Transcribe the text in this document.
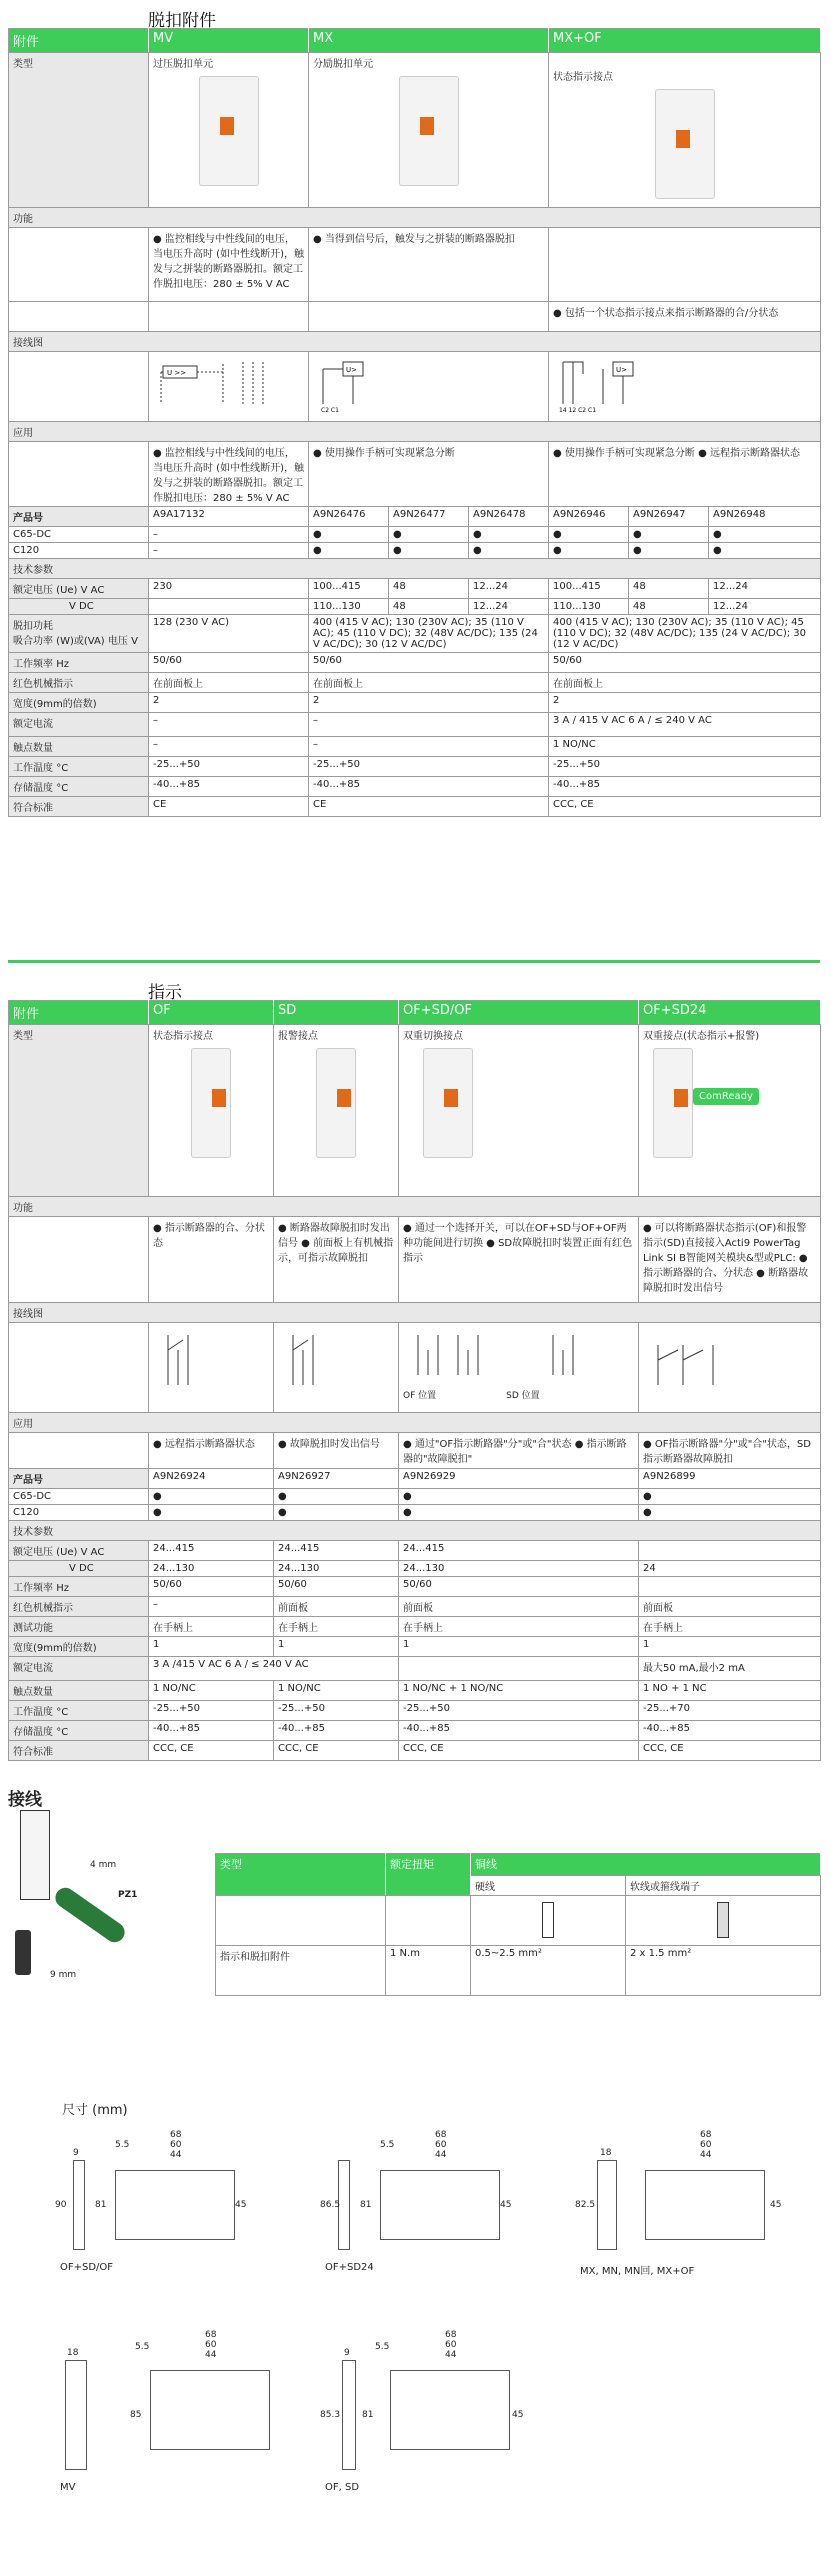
脱扣附件
附件	MV	MX			MX+OF		
类型	过压脱扣单元	分励脱扣单元			状态指示接点		

功能							
	● 监控相线与中性线间的电压，当电压升高时 (如中性线断开)，触发与之拼装的断路器脱扣。额定工作脱扣电压：280 ± 5% V AC	● 当得到信号后，触发与之拼装的断路器脱扣					
					● 包括一个状态指示接点来指示断路器的合/分状态		
接线图							

U >>	U>
C2 C1			U>
14 12 C2 C1		

应用							
	● 监控相线与中性线间的电压，当电压升高时 (如中性线断开)，触发与之拼装的断路器脱扣。额定工作脱扣电压：280 ± 5% V AC	● 使用操作手柄可实现紧急分断			● 使用操作手柄可实现紧急分断 ● 远程指示断路器状态		
产品号	A9A17132	A9N26476	A9N26477	A9N26478	A9N26946	A9N26947	A9N26948
C65-DC	–	●	●	●	●	●	●
C120	–	●	●	●	●	●	●
技术参数							
额定电压 (Ue) V AC	230	100...415	48	12...24	100...415	48	12...24
V DC		110...130	48	12...24	110...130	48	12...24
脱扣功耗
吸合功率 (W)或(VA) 电压 V	128 (230 V AC)	400 (415 V AC); 130 (230V AC); 35 (110 V AC); 45 (110 V DC); 32 (48V AC/DC); 135 (24 V AC/DC); 30 (12 V AC/DC)			400 (415 V AC); 130 (230V AC); 35 (110 V AC); 45 (110 V DC); 32 (48V AC/DC); 135 (24 V AC/DC); 30 (12 V AC/DC)		
工作频率 Hz	50/60	50/60			50/60		
红色机械指示	在前面板上	在前面板上			在前面板上		
宽度(9mm的倍数)	2	2			2		
额定电流	–	–			3 A / 415 V AC 6 A / ≤ 240 V AC		
触点数量	–	–			1 NO/NC		
工作温度 °C	-25...+50	-25...+50			-25...+50		
存储温度 °C	-40...+85	-40...+85			-40...+85		
符合标准	CE	CE			CCC, CE		
指示
附件	OF	SD	OF+SD/OF	OF+SD24
类型	状态指示接点	报警接点	双重切换接点	双重接点(状态指示+报警)
ComReady

功能				
	● 指示断路器的合、分状态	● 断路器故障脱扣时发出信号 ● 前面板上有机械指示，可指示故障脱扣	● 通过一个选择开关，可以在OF+SD与OF+OF两种功能间进行切换 ● SD故障脱扣时装置正面有红色指示	● 可以将断路器状态指示(OF)和报警指示(SD)直接接入Acti9 PowerTag Link SI B智能网关模块&型或PLC: ● 指示断路器的合、分状态 ● 断路器故障脱扣时发出信号
接线图				

OF 位置 SD 位置

应用				
	● 远程指示断路器状态	● 故障脱扣时发出信号	● 通过"OF指示断路器"分"或"合"状态 ● 指示断路器的"故障脱扣"	● OF指示断路器"分"或"合"状态，SD指示断路器故障脱扣
产品号	A9N26924	A9N26927	A9N26929	A9N26899
C65-DC	●	●	●	●
C120	●	●	●	●
技术参数				
额定电压 (Ue) V AC	24...415	24...415	24...415	
V DC	24...130	24...130	24...130	24
工作频率 Hz	50/60	50/60	50/60	
红色机械指示	–	前面板	前面板	前面板
测试功能	在手柄上	在手柄上	在手柄上	在手柄上
宽度(9mm的倍数)	1	1	1	1
额定电流	3 A /415 V AC 6 A / ≤ 240 V AC			最大50 mA,最小2 mA
触点数量	1 NO/NC	1 NO/NC	1 NO/NC + 1 NO/NC	1 NO + 1 NC
工作温度 °C	-25...+50	-25...+50	-25...+50	-25...+70
存储温度 °C	-40...+85	-40...+85	-40...+85	-40...+85
符合标准	CCC, CE	CCC, CE	CCC, CE	CCC, CE
接线
4 mm
PZ1
9 mm
类型	额定扭矩	铜线	
		硬线	软线或箍线端子

指示和脱扣附件	1 N.m	0.5~2.5 mm²	2 x 1.5 mm²
尺寸 (mm)
68
60
44
5.5
9
90	81	45
OF+SD/OF
68
60
44
5.5
86.5 81	45
OF+SD24
68
60
44
18
82.5	45
MX, MN, MN回, MX+OF
68
60
44
5.5
18
85
MV
68
60
44
5.5
9
85.3 81	45
OF, SD
